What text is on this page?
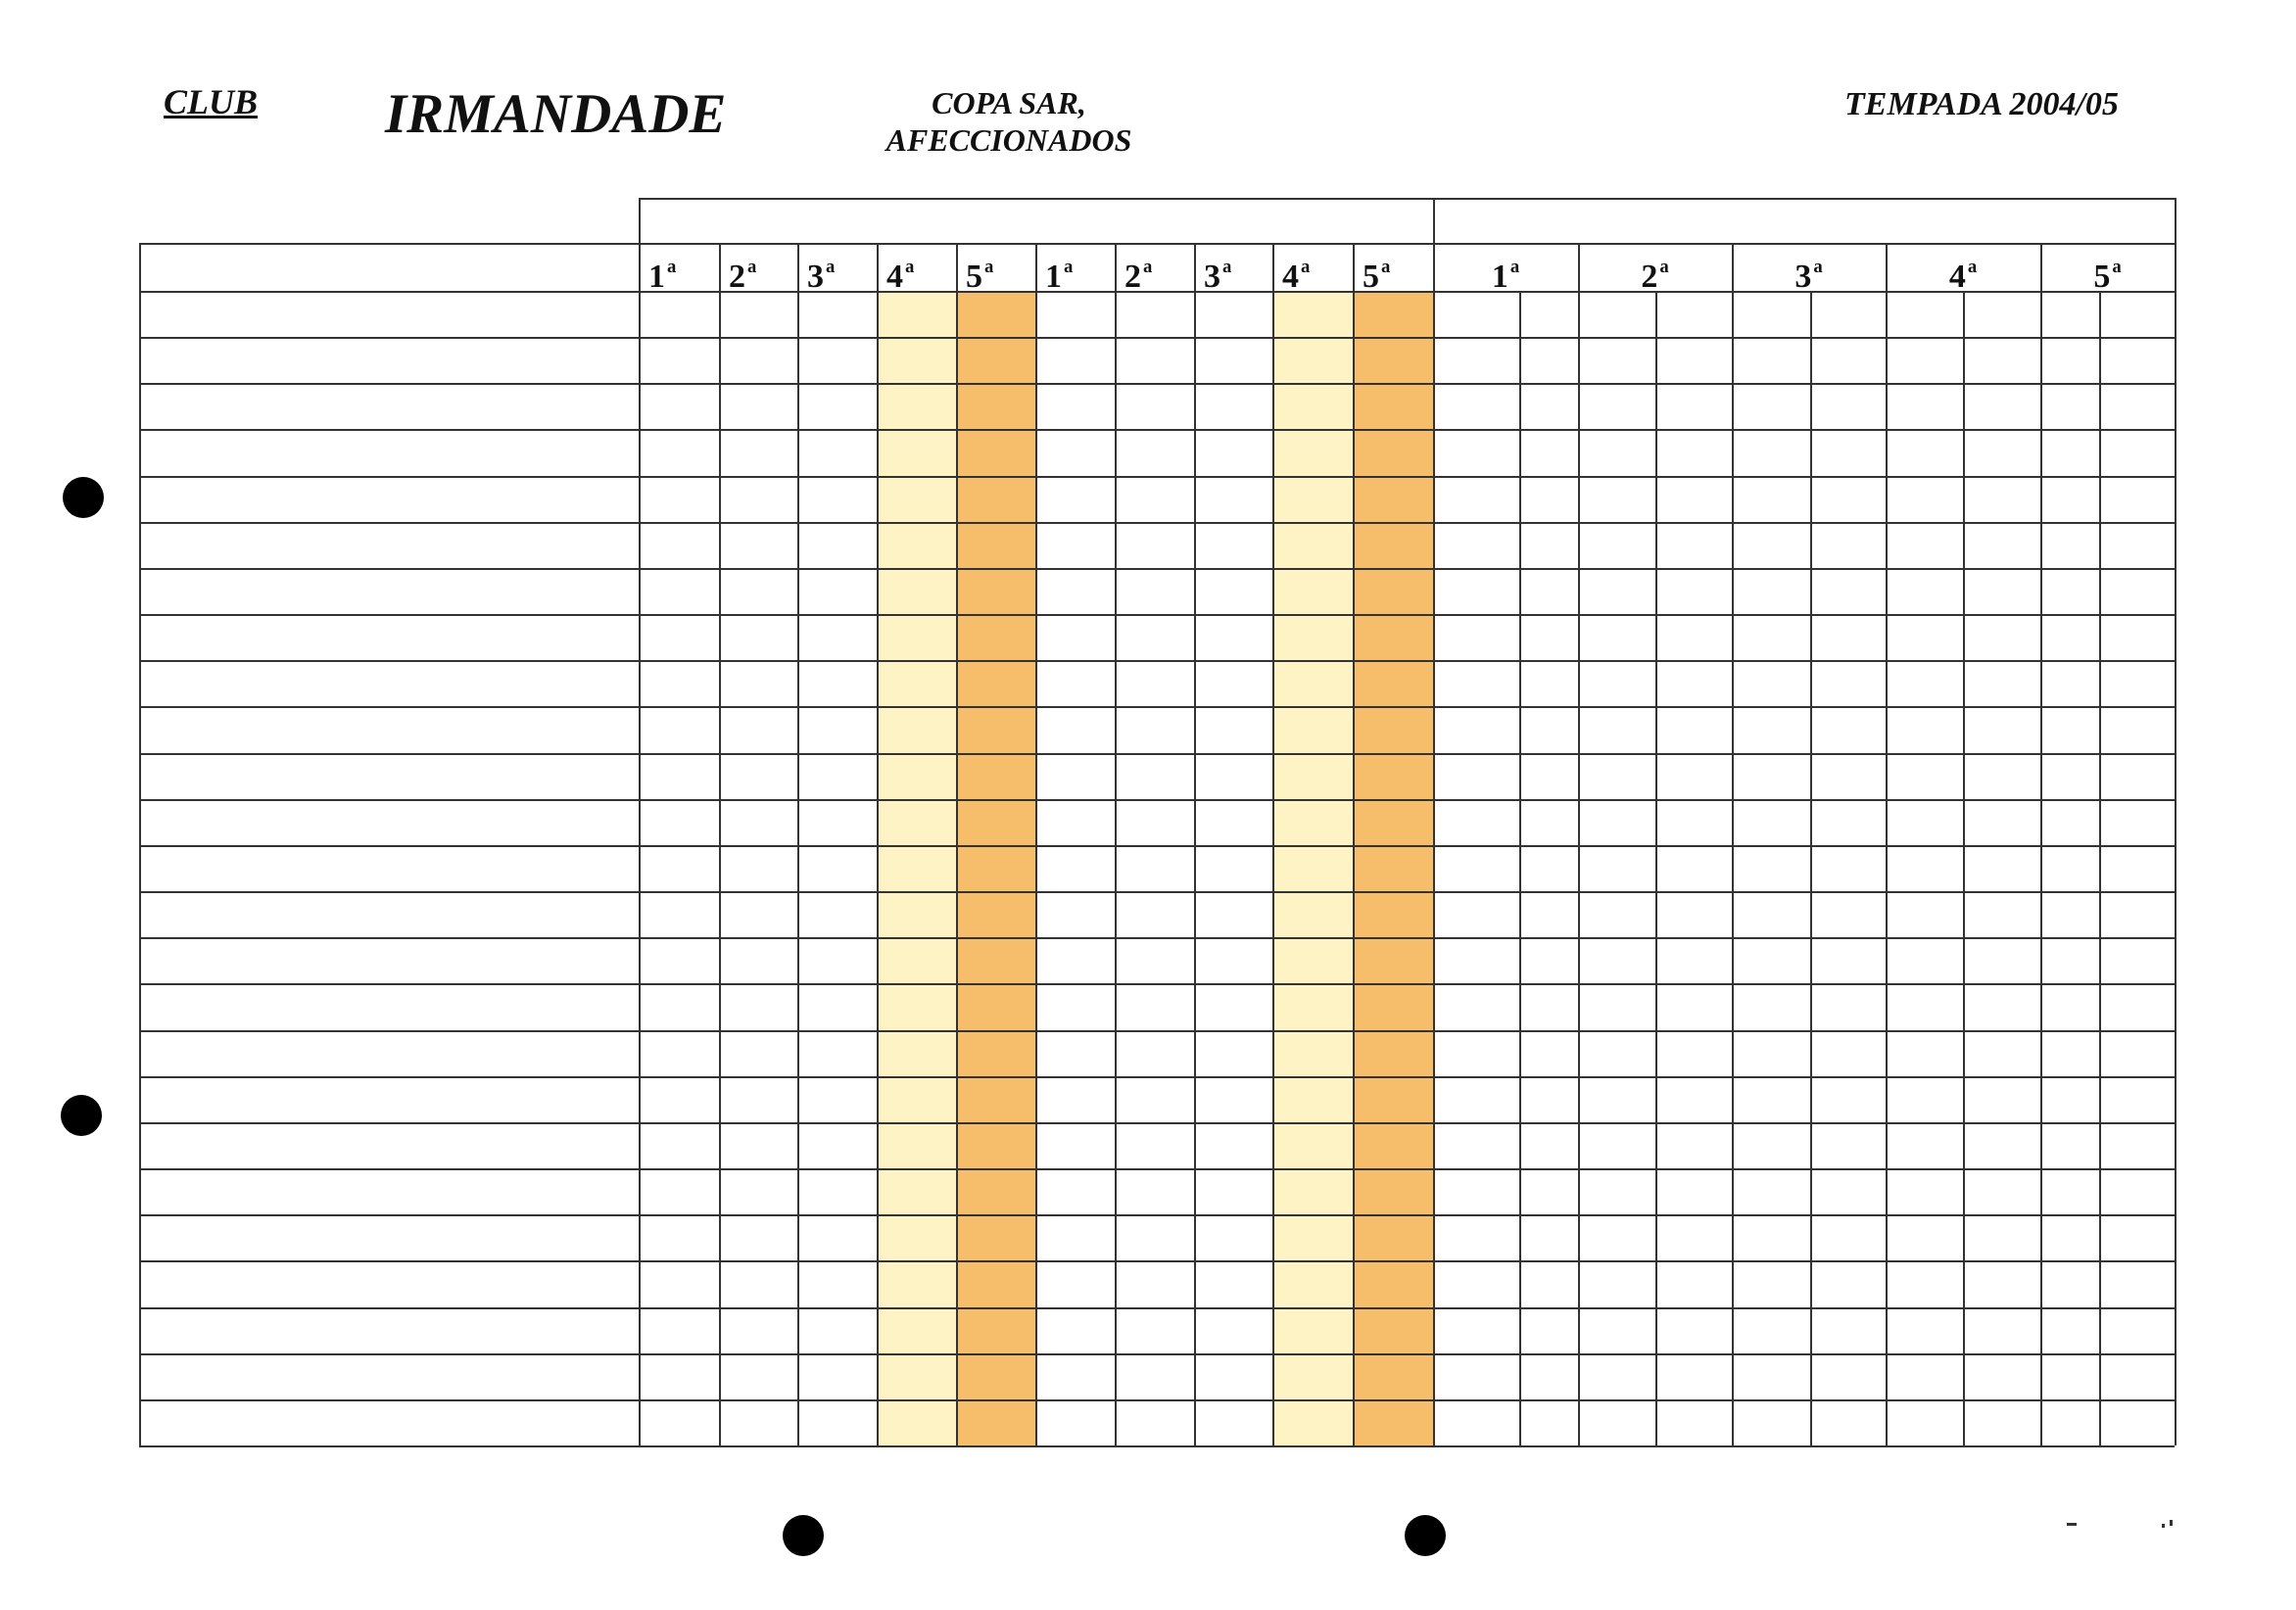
CLUB IRMANDADE	COPA SAR,
AFECCIONADOS
TEMPADA 2004/05
1 $^a$	2 $^a$	3 $^a$	4 $^a$	5 $^a$	1 $^a$	2 $^a$	3 $^a$	4 $^a$	5 $^a$	1 $^a$	2 $^a$	3 $^a$	4 $^a$	5 $^a$
